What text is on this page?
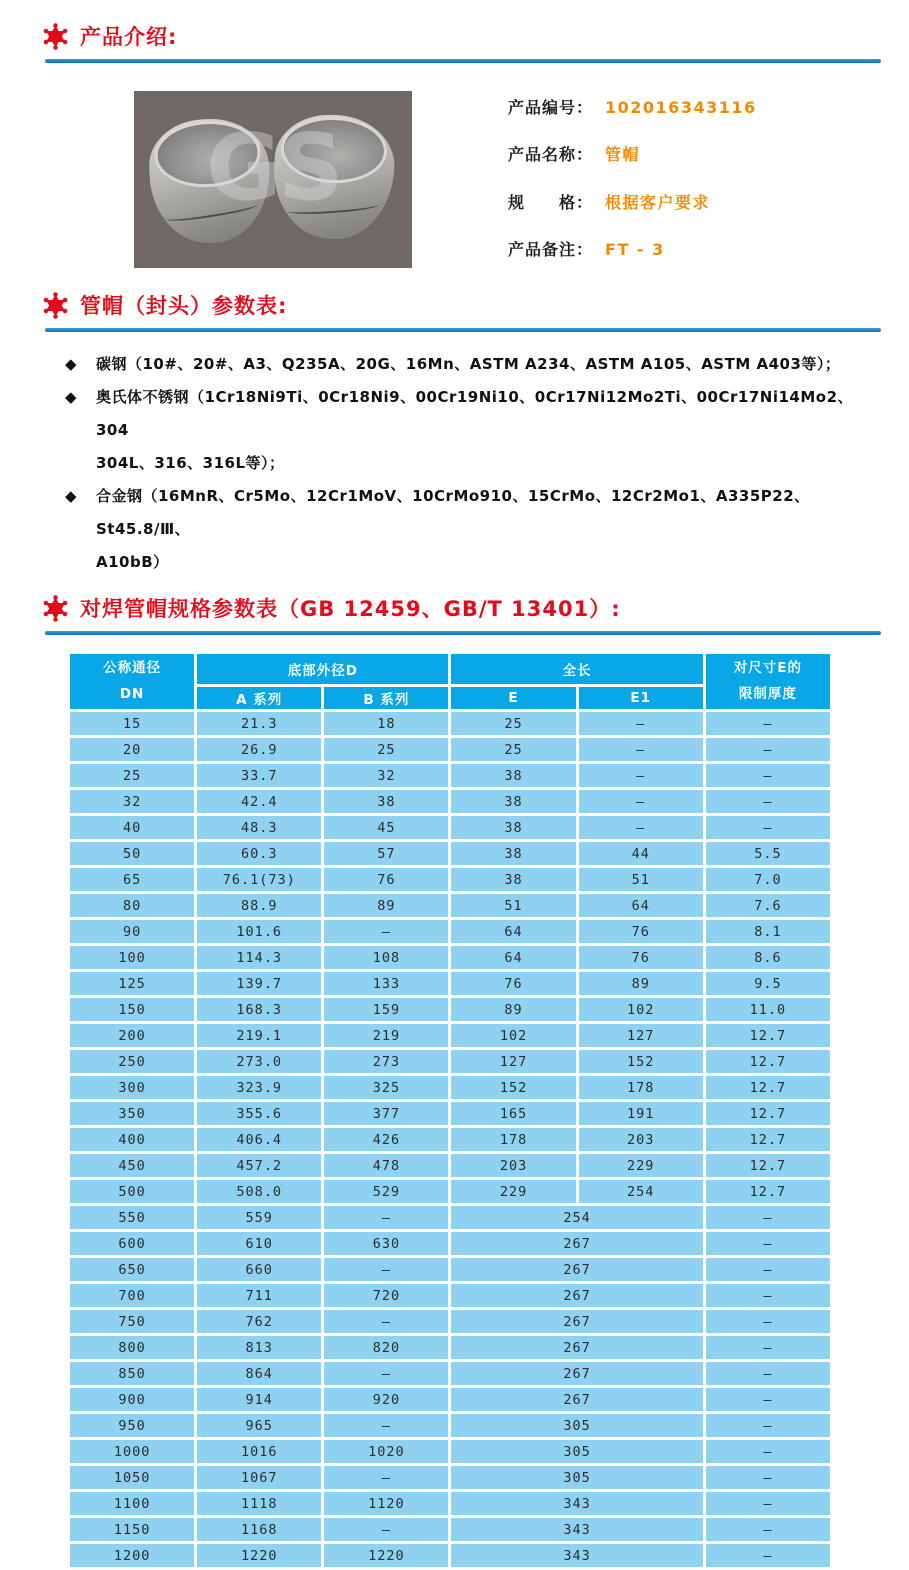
产品介绍:
GS
产品编号： 102016343116
产品名称： 管帽
规　　格： 根据客户要求
产品备注： FT - 3
管帽（封头）参数表:
◆ 碳钢（10#、20#、A3、Q235A、20G、16Mn、ASTM A234、ASTM A105、ASTM A403等）；
◆ 奥氏体不锈钢（1Cr18Ni9Ti、0Cr18Ni9、00Cr19Ni10、0Cr17Ni12Mo2Ti、00Cr17Ni14Mo2、304
304L、316、316L等）；
◆ 合金钢（16MnR、Cr5Mo、12Cr1MoV、10CrMo910、15CrMo、12Cr2Mo1、A335P22、St45.8/Ⅲ、
A10bB）
对焊管帽规格参数表（GB 12459、GB/T 13401）:
公称通径
DN
	底部外径D	全长	对尺寸E的
限制厚度

	A 系列	B 系列	E	E1	
15	21.3	18	25	–	–
20	26.9	25	25	–	–
25	33.7	32	38	–	–
32	42.4	38	38	–	–
40	48.3	45	38	–	–
50	60.3	57	38	44	5.5
65	76.1(73)	76	38	51	7.0
80	88.9	89	51	64	7.6
90	101.6	–	64	76	8.1
100	114.3	108	64	76	8.6
125	139.7	133	76	89	9.5
150	168.3	159	89	102	11.0
200	219.1	219	102	127	12.7
250	273.0	273	127	152	12.7
300	323.9	325	152	178	12.7
350	355.6	377	165	191	12.7
400	406.4	426	178	203	12.7
450	457.2	478	203	229	12.7
500	508.0	529	229	254	12.7
550	559	–	254		–
600	610	630	267		–
650	660	–	267		–
700	711	720	267		–
750	762	–	267		–
800	813	820	267		–
850	864	–	267		–
900	914	920	267		–
950	965	–	305		–
1000	1016	1020	305		–
1050	1067	–	305		–
1100	1118	1120	343		–
1150	1168	–	343		–
1200	1220	1220	343		–
